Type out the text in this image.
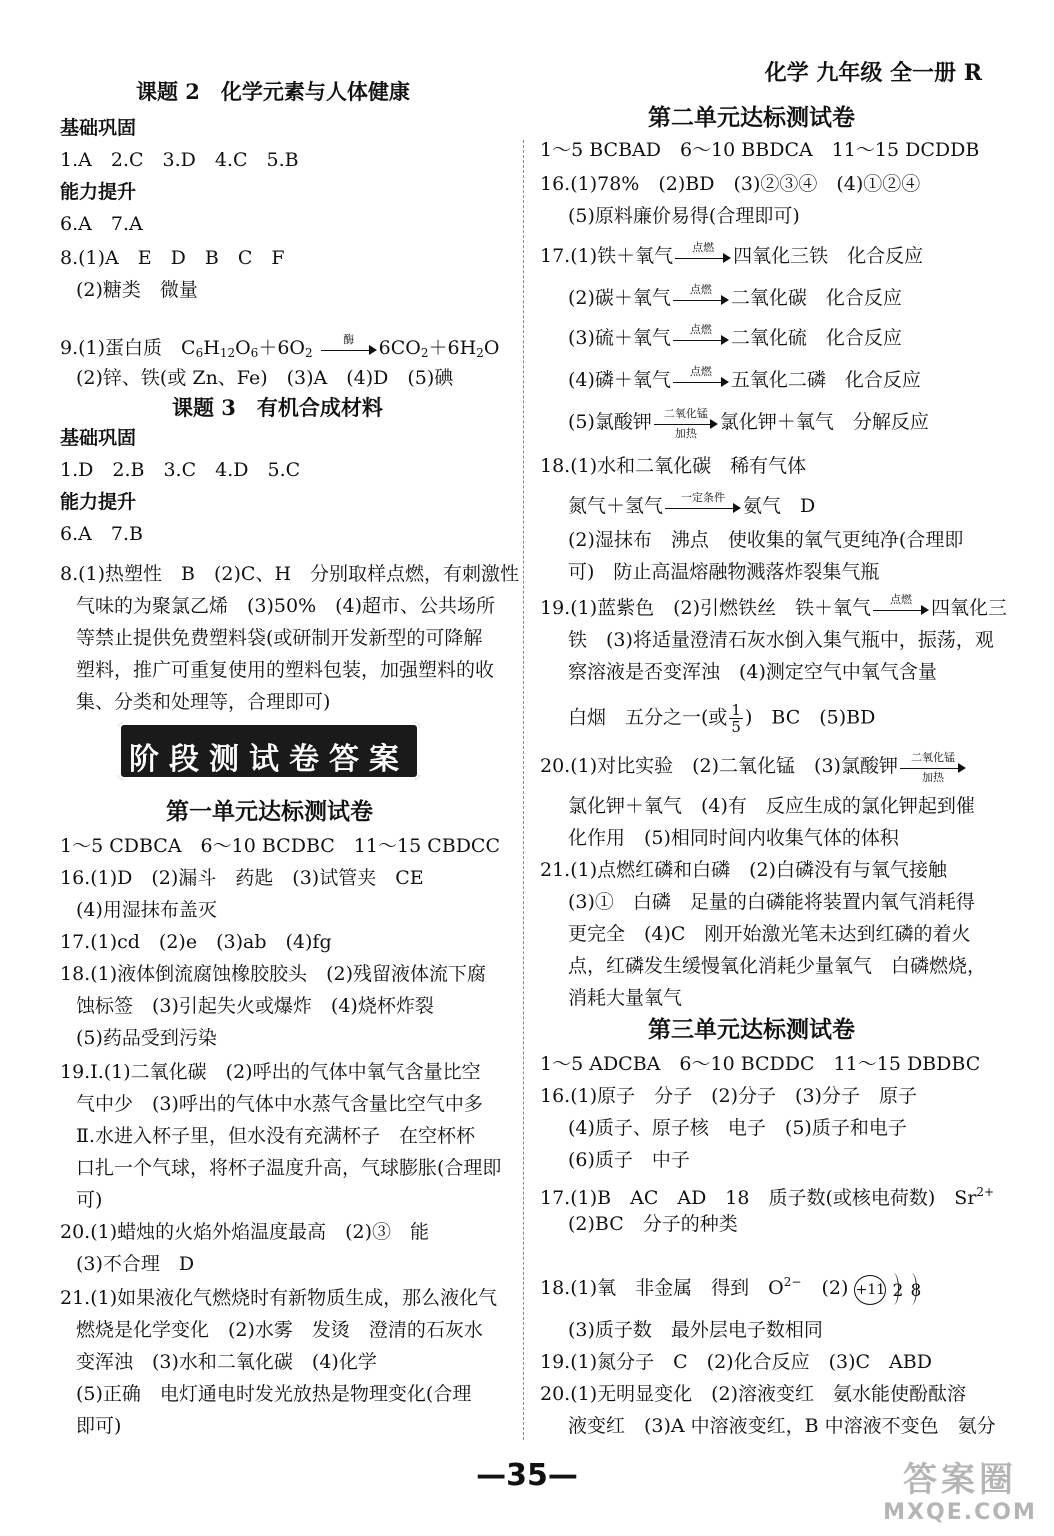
化学 九年级 全一册 R
课题 2　化学元素与人体健康
基础巩固
1.A　2.C　3.D　4.C　5.B
能力提升
6.A　7.A
8.(1)A　E　D　B　C　F
(2)糖类　微量
9.(1)蛋白质　$C_6H_{12}O_6+6O_2$
酶	$6CO_2+6H_2O$
(2)锌、铁(或 Zn、Fe)　(3)A　(4)D　(5)碘
课题 3　有机合成材料
基础巩固
1.D　2.B　3.C　4.D　5.C
能力提升
6.A　7.B
8.(1)热塑性　B　(2)C、H　分别取样点燃，有刺激性
气味的为聚氯乙烯　(3)50%　(4)超市、公共场所
等禁止提供免费塑料袋(或研制开发新型的可降解
塑料，推广可重复使用的塑料包装，加强塑料的收
集、分类和处理等，合理即可)
阶段测试卷答案
第一单元达标测试卷
1～5 CDBCA　6～10 BCDBC　11～15 CBDCC
16.(1)D　(2)漏斗　药匙　(3)试管夹　CE
(4)用湿抹布盖灭
17.(1)cd　(2)e　(3)ab　(4)fg
18.(1)液体倒流腐蚀橡胶胶头　(2)残留液体流下腐
蚀标签　(3)引起失火或爆炸　(4)烧杯炸裂
(5)药品受到污染
19.Ⅰ.(1)二氧化碳　(2)呼出的气体中氧气含量比空
气中少　(3)呼出的气体中水蒸气含量比空气中多
Ⅱ.水进入杯子里，但水没有充满杯子　在空杯杯
口扎一个气球，将杯子温度升高，气球膨胀(合理即
可)
20.(1)蜡烛的火焰外焰温度最高　(2)③　能
(3)不合理　D
21.(1)如果液化气燃烧时有新物质生成，那么液化气
燃烧是化学变化　(2)水雾　发烫　澄清的石灰水
变浑浊　(3)水和二氧化碳　(4)化学
(5)正确　电灯通电时发光放热是物理变化(合理
即可)
第二单元达标测试卷
1～5 BCBAD　6～10 BBDCA　11～15 DCDDB
16.(1)78%　(2)BD　(3)②③④　(4)①②④
(5)原料廉价易得(合理即可)
17.(1)铁＋氧气	点燃	四氧化三铁　化合反应
(2)碳＋氧气	点燃	二氧化碳　化合反应
(3)硫＋氧气	点燃	二氧化硫　化合反应
(4)磷＋氧气	点燃	五氧化二磷　化合反应
(5)氯酸钾	二氧化锰
加热
氯化钾＋氧气　分解反应
18.(1)水和二氧化碳　稀有气体
氮气＋氢气	一定条件 氨气　D
(2)湿抹布　沸点　使收集的氧气更纯净(合理即
可)　防止高温熔融物溅落炸裂集气瓶
19.(1)蓝紫色　(2)引燃铁丝　铁＋氧气	点燃	四氧化三
铁　(3)将适量澄清石灰水倒入集气瓶中，振荡，观
察溶液是否变浑浊　(4)测定空气中氧气含量
白烟　五分之一(或 $\frac{1}{5}$ )　BC　(5)BD
20.(1)对比实验　(2)二氧化锰　(3)氯酸钾	二氧化锰
加热
氯化钾＋氧气　(4)有　反应生成的氯化钾起到催
化作用　(5)相同时间内收集气体的体积
21.(1)点燃红磷和白磷　(2)白磷没有与氧气接触
(3)①　白磷　足量的白磷能将装置内氧气消耗得
更完全　(4)C　刚开始激光笔未达到红磷的着火
点，红磷发生缓慢氧化消耗少量氧气　白磷燃烧，
消耗大量氧气
第三单元达标测试卷
1～5 ADCBA　6～10 BCDDC　11～15 DBDBC
16.(1)原子　分子　(2)分子　(3)分子　原子
(4)质子、原子核　电子　(5)质子和电子
(6)质子　中子
17.(1)B　AC　AD　18　质子数(或核电荷数)　$Sr^{2+}$
(2)BC　分子的种类
18.(1)氧　非金属　得到　$O^{2-}$ (2) +11 2 8
(3)质子数　最外层电子数相同
19.(1)氮分子　C　(2)化合反应　(3)C　ABD
20.(1)无明显变化　(2)溶液变红　氨水能使酚酞溶
液变红　(3)A 中溶液变红，B 中溶液不变色　氨分
—35—	答案圈
MXQE.COM
